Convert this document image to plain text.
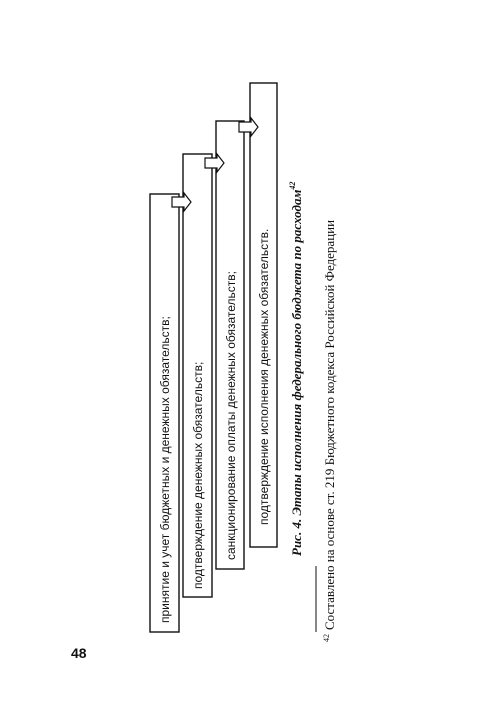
принятие и учет бюджетных и денежных обязательств; подтверждение денежных обязательств; санкционирование оплаты денежных обязательств; подтверждение исполнения денежных обязательств. Рис. 4. Этапы исполнения федерального бюджета по расходам$^{42}$
$^{42}_{Составлено на основе ст. 219 Бюджетного кодекса Российской Федерации}$
48
